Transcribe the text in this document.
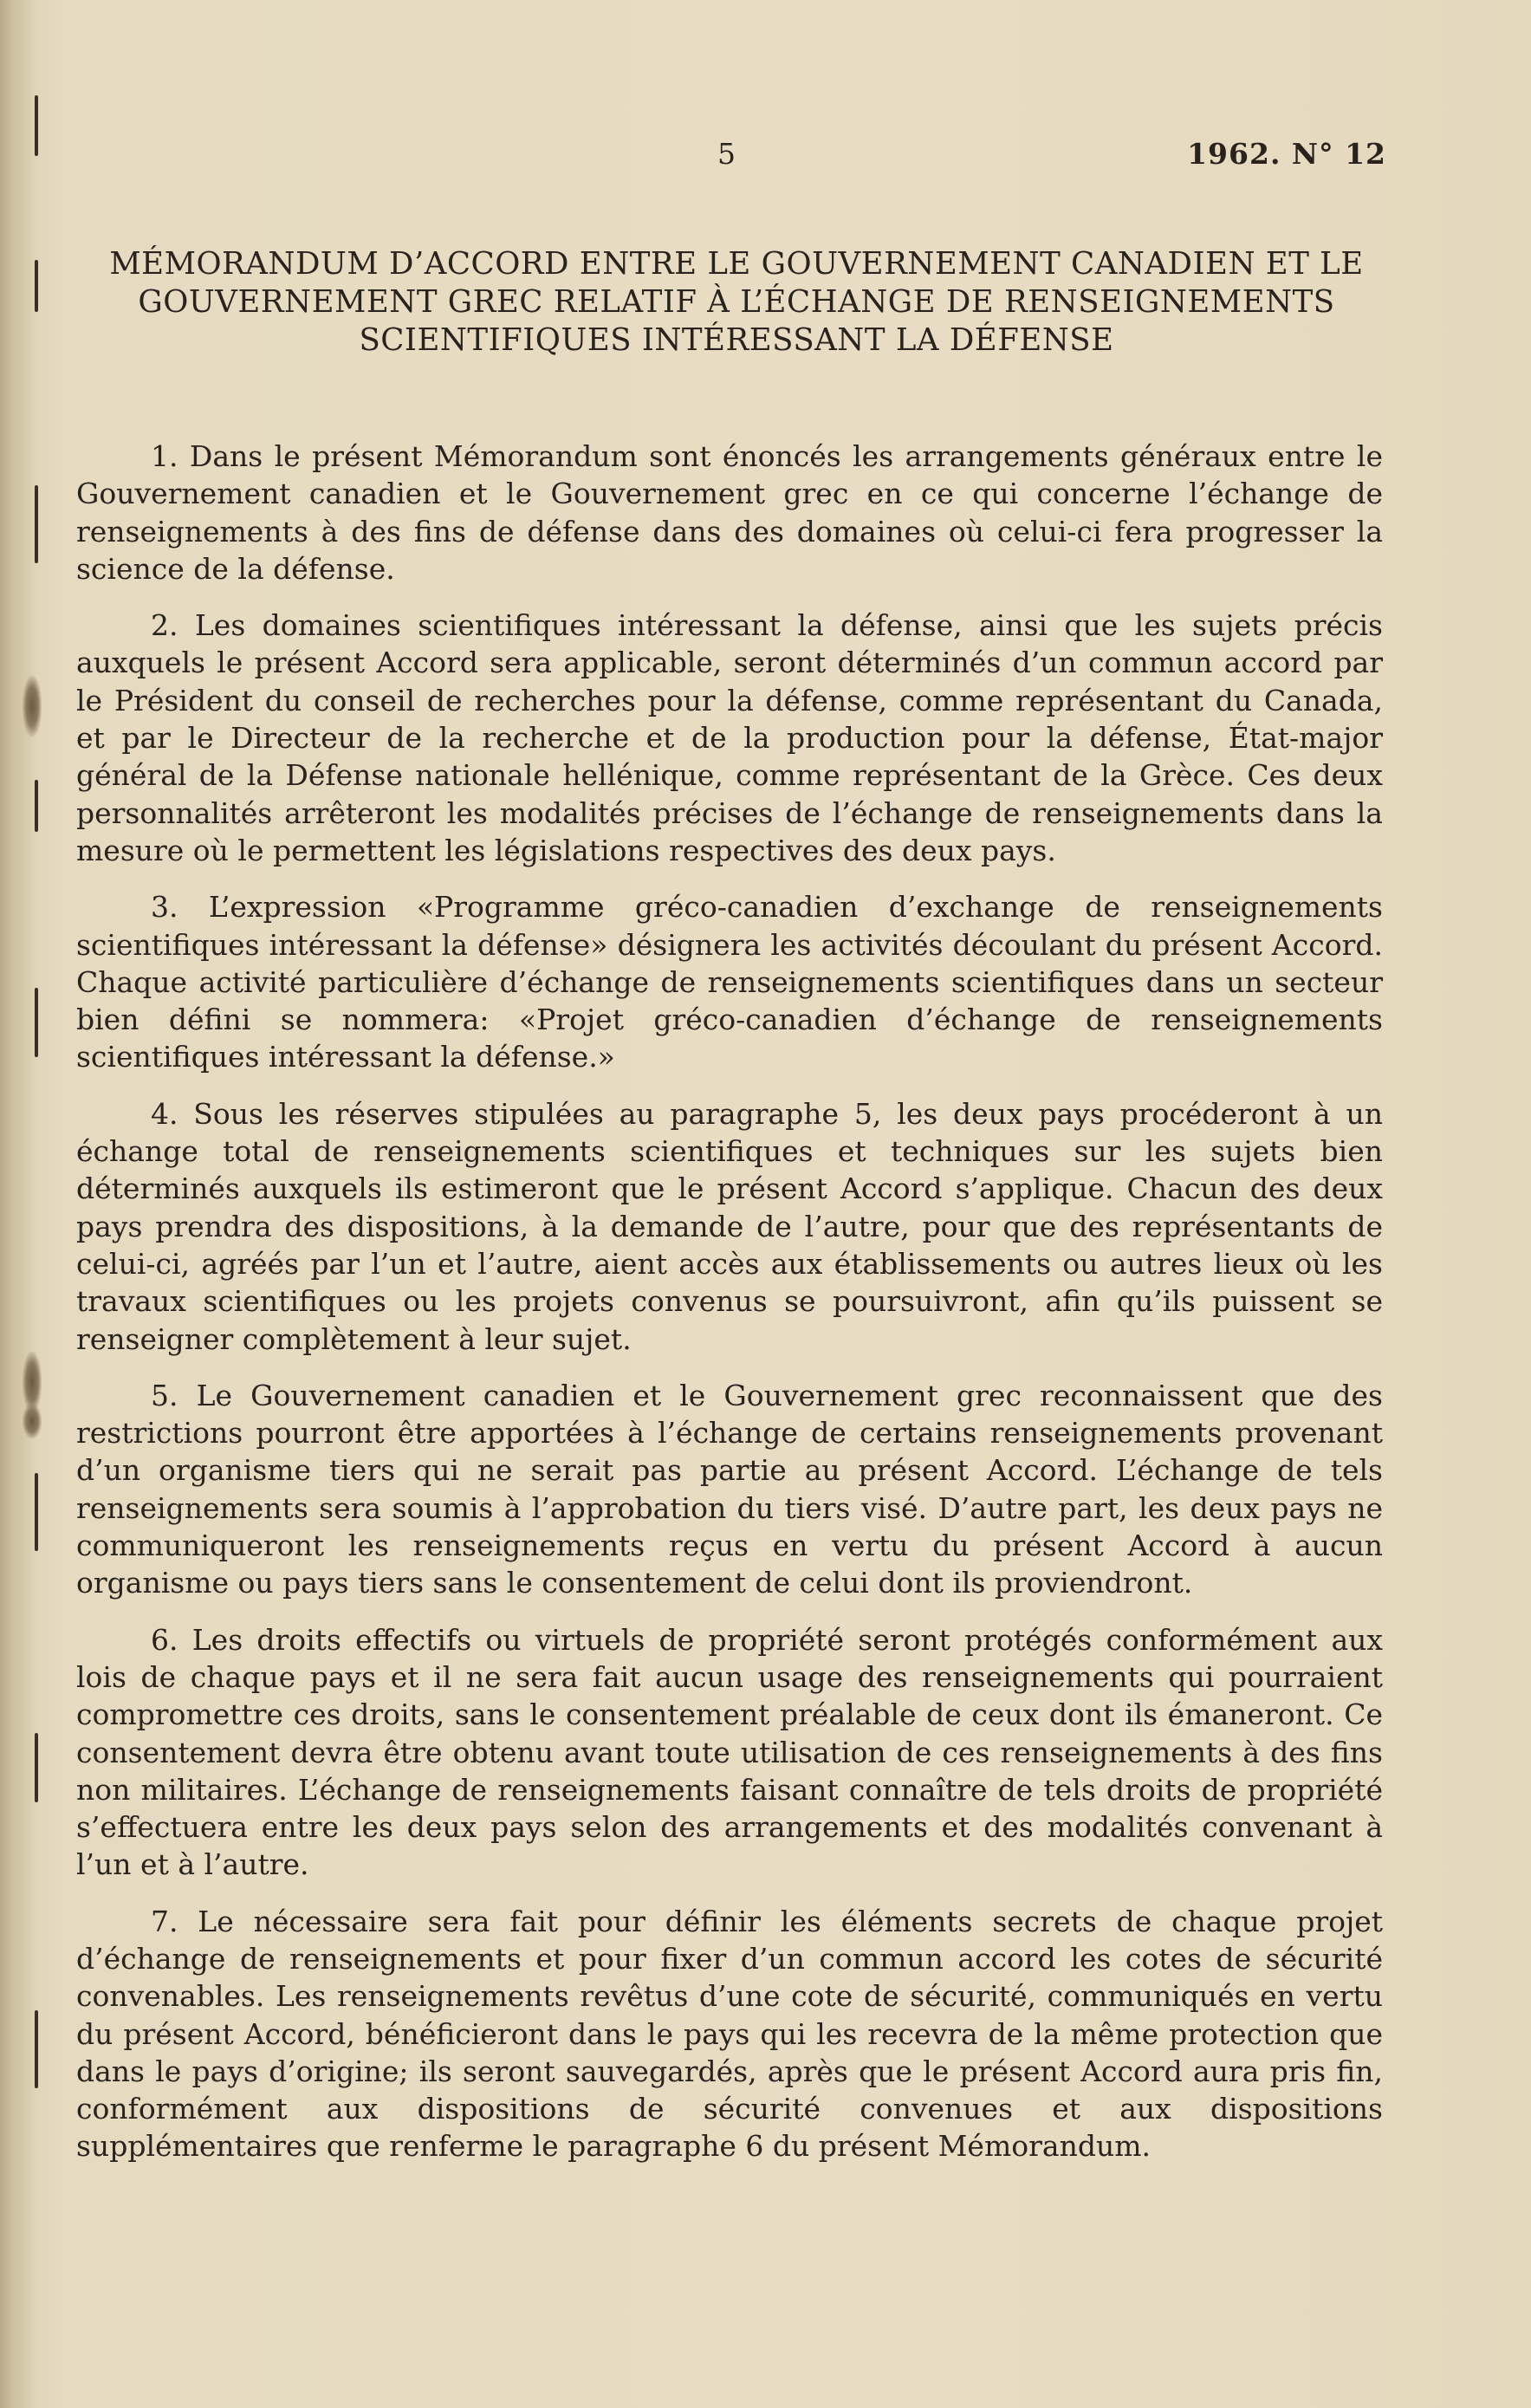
5	1962. N° 12
MÉMORANDUM D’ACCORD ENTRE LE GOUVERNEMENT CANADIEN ET LE GOUVERNEMENT GREC RELATIF À L’ÉCHANGE DE RENSEIGNEMENTS SCIENTIFIQUES INTÉRESSANT LA DÉFENSE

1. Dans le présent Mémorandum sont énoncés les arrangements généraux entre le Gouvernement canadien et le Gouvernement grec en ce qui concerne l’échange de renseignements à des fins de défense dans des domaines où celui-ci fera progresser la science de la défense.

2. Les domaines scientifiques intéressant la défense, ainsi que les sujets précis auxquels le présent Accord sera applicable, seront déterminés d’un commun accord par le Président du conseil de recherches pour la défense, comme représentant du Canada, et par le Directeur de la recherche et de la production pour la défense, État-major général de la Défense nationale hellénique, comme représentant de la Grèce. Ces deux personnalités arrêteront les modalités précises de l’échange de renseignements dans la mesure où le permettent les législations respectives des deux pays.

3. L’expression «Programme gréco-canadien d’exchange de renseignements scientifiques intéressant la défense» désignera les activités découlant du présent Accord. Chaque activité particulière d’échange de renseignements scientifiques dans un secteur bien défini se nommera: «Projet gréco-canadien d’échange de renseignements scientifiques intéressant la défense.»

4. Sous les réserves stipulées au paragraphe 5, les deux pays procéderont à un échange total de renseignements scientifiques et techniques sur les sujets bien déterminés auxquels ils estimeront que le présent Accord s’applique. Chacun des deux pays prendra des dispositions, à la demande de l’autre, pour que des représentants de celui-ci, agréés par l’un et l’autre, aient accès aux établissements ou autres lieux où les travaux scientifiques ou les projets convenus se poursuivront, afin qu’ils puissent se renseigner complètement à leur sujet.

5. Le Gouvernement canadien et le Gouvernement grec reconnaissent que des restrictions pourront être apportées à l’échange de certains renseignements provenant d’un organisme tiers qui ne serait pas partie au présent Accord. L’échange de tels renseignements sera soumis à l’approbation du tiers visé. D’autre part, les deux pays ne communiqueront les renseignements reçus en vertu du présent Accord à aucun organisme ou pays tiers sans le consentement de celui dont ils proviendront.

6. Les droits effectifs ou virtuels de propriété seront protégés conformément aux lois de chaque pays et il ne sera fait aucun usage des renseignements qui pourraient compromettre ces droits, sans le consentement préalable de ceux dont ils émaneront. Ce consentement devra être obtenu avant toute utilisation de ces renseignements à des fins non militaires. L’échange de renseignements faisant connaître de tels droits de propriété s’effectuera entre les deux pays selon des arrangements et des modalités convenant à l’un et à l’autre.

7. Le nécessaire sera fait pour définir les éléments secrets de chaque projet d’échange de renseignements et pour fixer d’un commun accord les cotes de sécurité convenables. Les renseignements revêtus d’une cote de sécurité, communiqués en vertu du présent Accord, bénéficieront dans le pays qui les recevra de la même protection que dans le pays d’origine; ils seront sauvegardés, après que le présent Accord aura pris fin, conformément aux dispositions de sécurité convenues et aux dispositions supplémentaires que renferme le paragraphe 6 du présent Mémorandum.
